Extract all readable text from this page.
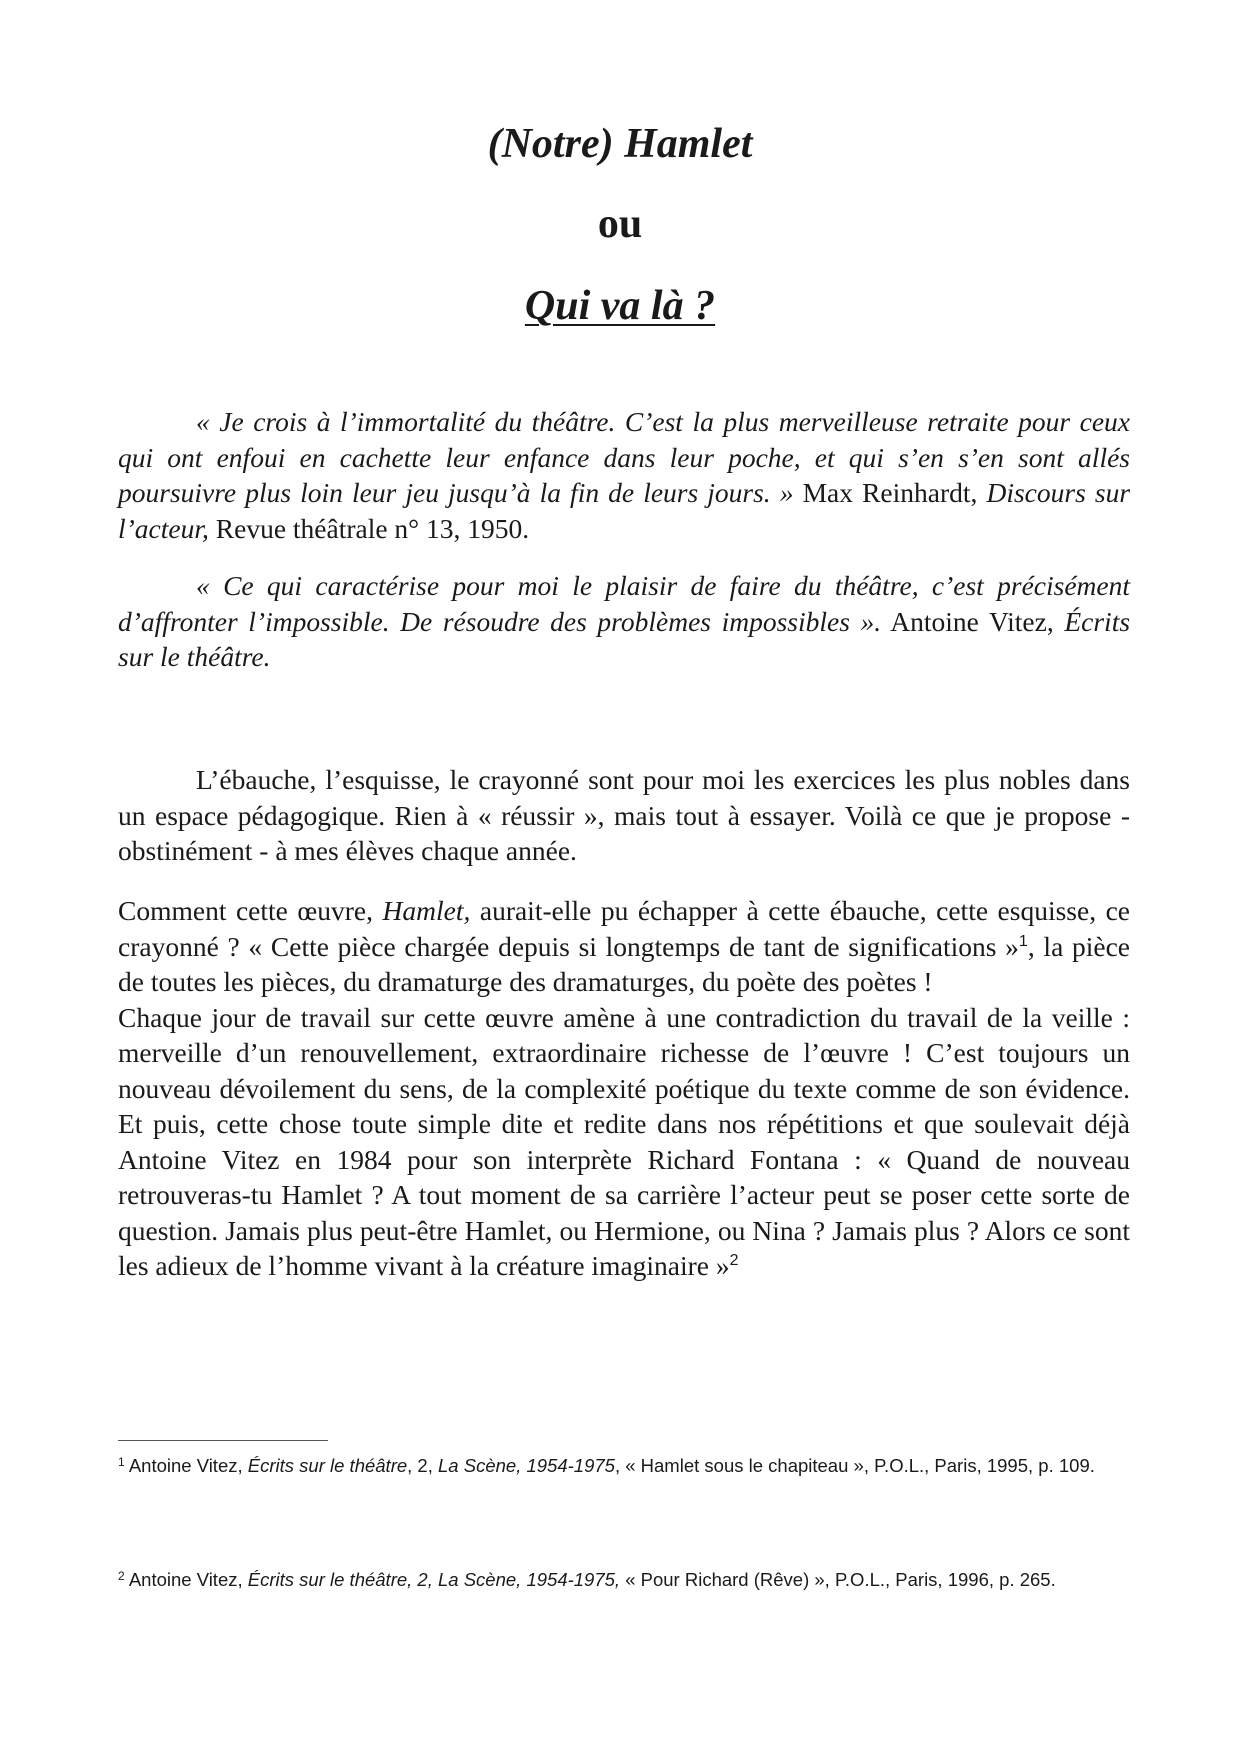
(Notre) Hamlet
ou
Qui va là ?

« Je crois à l’immortalité du théâtre. C’est la plus merveilleuse retraite pour ceux qui ont enfoui en cachette leur enfance dans leur poche, et qui s’en s’en sont allés poursuivre plus loin leur jeu jusqu’à la fin de leurs jours. » Max Reinhardt, Discours sur l’acteur, Revue théâtrale n° 13, 1950.

« Ce qui caractérise pour moi le plaisir de faire du théâtre, c’est précisément d’affronter l’impossible. De résoudre des problèmes impossibles ». Antoine Vitez, Écrits sur le théâtre.

L’ébauche, l’esquisse, le crayonné sont pour moi les exercices les plus nobles dans un espace pédagogique. Rien à « réussir », mais tout à essayer. Voilà ce que je propose - obstinément - à mes élèves chaque année.

Comment cette œuvre, Hamlet, aurait-elle pu échapper à cette ébauche, cette esquisse, ce crayonné ? « Cette pièce chargée depuis si longtemps de tant de significations »$^1$, la pièce de toutes les pièces, du dramaturge des dramaturges, du poète des poètes !
Chaque jour de travail sur cette œuvre amène à une contradiction du travail de la veille : merveille d’un renouvellement, extraordinaire richesse de l’œuvre ! C’est toujours un nouveau dévoilement du sens, de la complexité poétique du texte comme de son évidence. Et puis, cette chose toute simple dite et redite dans nos répétitions et que soulevait déjà Antoine Vitez en 1984 pour son interprète Richard Fontana : « Quand de nouveau retrouveras-tu Hamlet ? A tout moment de sa carrière l’acteur peut se poser cette sorte de question. Jamais plus peut-être Hamlet, ou Hermione, ou Nina ? Jamais plus ? Alors ce sont les adieux de l’homme vivant à la créature imaginaire »$^2$

$^1$ Antoine Vitez, Écrits sur le théâtre, 2, La Scène, 1954-1975, « Hamlet sous le chapiteau », P.O.L., Paris, 1995, p. 109.

$^2$ Antoine Vitez, Écrits sur le théâtre, 2, La Scène, 1954-1975, « Pour Richard (Rêve) », P.O.L., Paris, 1996, p. 265.
